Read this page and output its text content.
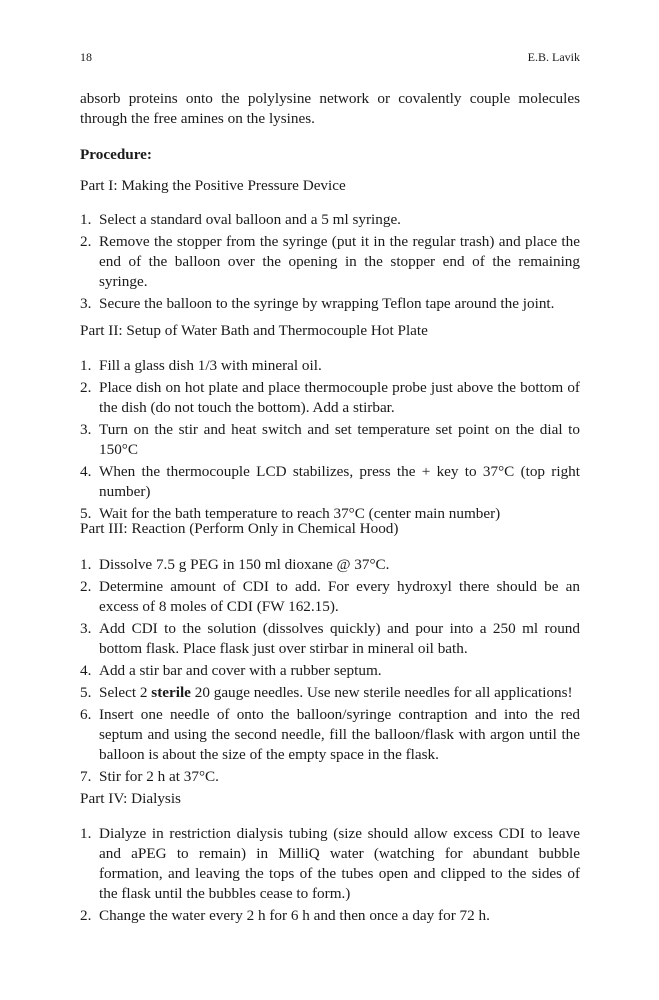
18	E.B. Lavik

absorb proteins onto the polylysine network or covalently couple molecules through the free amines on the lysines.

Procedure:
Part I: Making the Positive Pressure Device
1. Select a standard oval balloon and a 5 ml syringe.
2. Remove the stopper from the syringe (put it in the regular trash) and place the end of the balloon over the opening in the stopper end of the remaining syringe.
3. Secure the balloon to the syringe by wrapping Teflon tape around the joint.
Part II: Setup of Water Bath and Thermocouple Hot Plate
1. Fill a glass dish 1/3 with mineral oil.
2. Place dish on hot plate and place thermocouple probe just above the bottom of the dish (do not touch the bottom). Add a stirbar.
3. Turn on the stir and heat switch and set temperature set point on the dial to 150°C
4. When the thermocouple LCD stabilizes, press the + key to 37°C (top right number)
5. Wait for the bath temperature to reach 37°C (center main number)
Part III: Reaction (Perform Only in Chemical Hood)
1. Dissolve 7.5 g PEG in 150 ml dioxane @ 37°C.
2. Determine amount of CDI to add. For every hydroxyl there should be an excess of 8 moles of CDI (FW 162.15).
3. Add CDI to the solution (dissolves quickly) and pour into a 250 ml round bottom flask. Place flask just over stirbar in mineral oil bath.
4. Add a stir bar and cover with a rubber septum.
5. Select 2 sterile 20 gauge needles. Use new sterile needles for all applications!
6. Insert one needle of onto the balloon/syringe contraption and into the red septum and using the second needle, fill the balloon/flask with argon until the balloon is about the size of the empty space in the flask.
7. Stir for 2 h at 37°C.
Part IV: Dialysis
1. Dialyze in restriction dialysis tubing (size should allow excess CDI to leave and aPEG to remain) in MilliQ water (watching for abundant bubble formation, and leaving the tops of the tubes open and clipped to the sides of the flask until the bubbles cease to form.)
2. Change the water every 2 h for 6 h and then once a day for 72 h.
